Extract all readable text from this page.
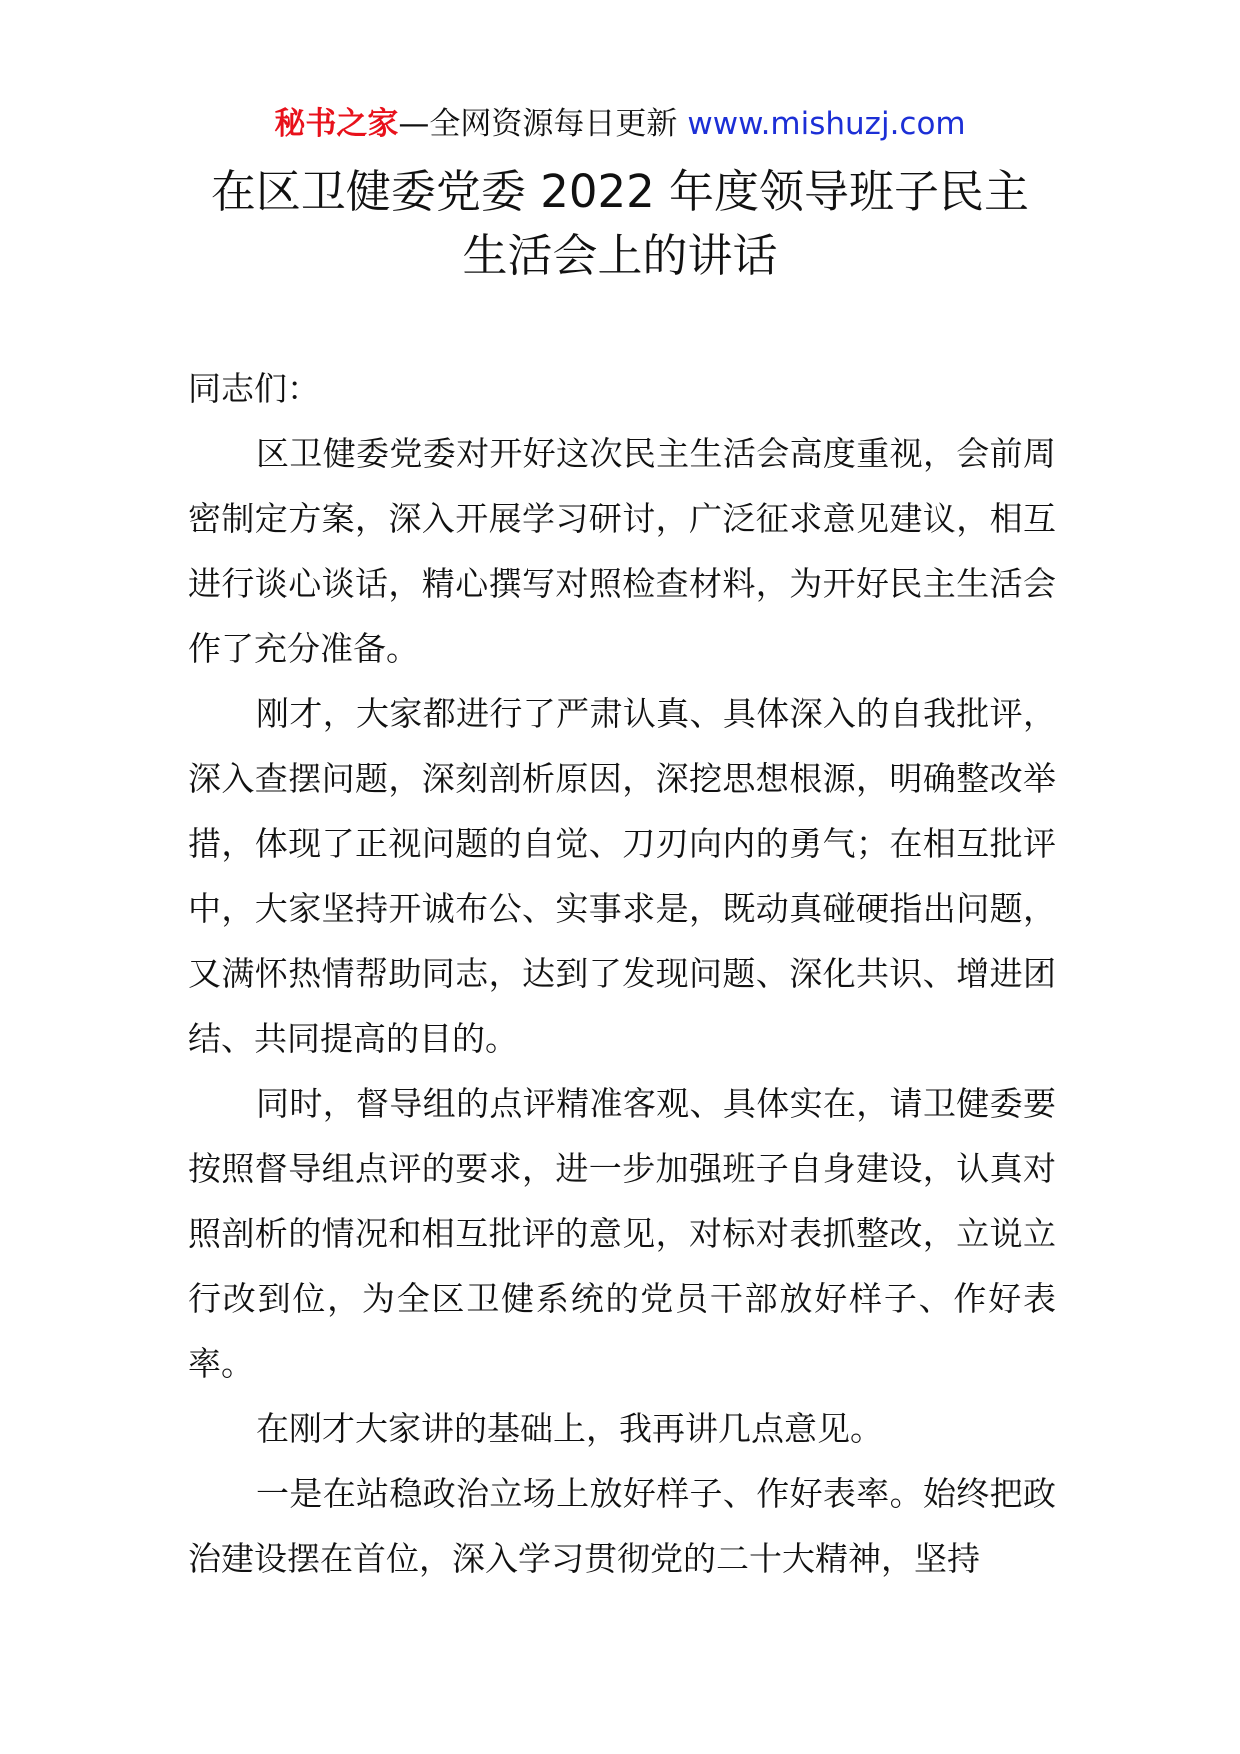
秘书之家—全网资源每日更新 www.mishuzj.com
在区卫健委党委 2022 年度领导班子民主
生活会上的讲话

同志们：

区卫健委党委对开好这次民主生活会高度重视，会前周密制定方案，深入开展学习研讨，广泛征求意见建议，相互进行谈心谈话，精心撰写对照检查材料，为开好民主生活会作了充分准备。

刚才，大家都进行了严肃认真、具体深入的自我批评，深入查摆问题，深刻剖析原因，深挖思想根源，明确整改举措，体现了正视问题的自觉、刀刃向内的勇气；在相互批评中，大家坚持开诚布公、实事求是，既动真碰硬指出问题，又满怀热情帮助同志，达到了发现问题、深化共识、增进团结、共同提高的目的。

同时，督导组的点评精准客观、具体实在，请卫健委要按照督导组点评的要求，进一步加强班子自身建设，认真对照剖析的情况和相互批评的意见，对标对表抓整改，立说立行改到位，为全区卫健系统的党员干部放好样子、作好表率。

在刚才大家讲的基础上，我再讲几点意见。

一是在站稳政治立场上放好样子、作好表率。始终把政治建设摆在首位，深入学习贯彻党的二十大精神，坚持
